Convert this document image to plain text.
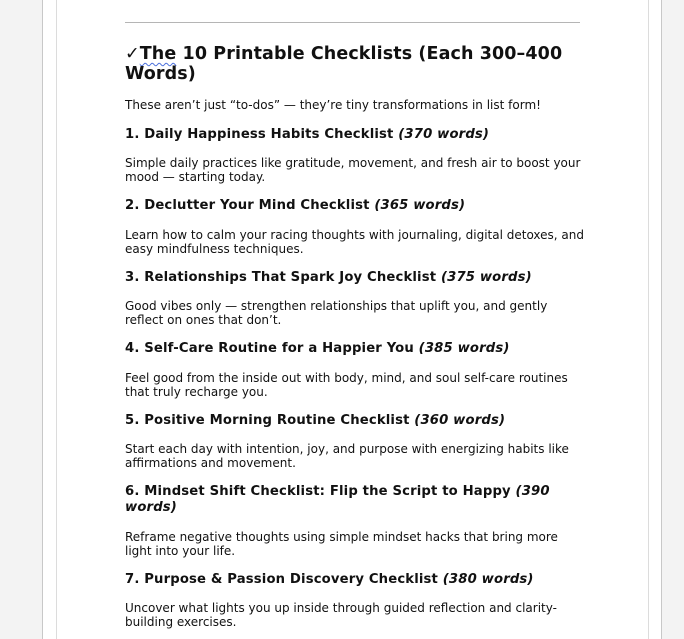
✓The 10 Printable Checklists (Each 300–400 Words)
These aren’t just “to-dos” — they’re tiny transformations in list form!

1. Daily Happiness Habits Checklist (370 words)

Simple daily practices like gratitude, movement, and fresh air to boost your mood — starting today.

2. Declutter Your Mind Checklist (365 words)

Learn how to calm your racing thoughts with journaling, digital detoxes, and easy mindfulness techniques.

3. Relationships That Spark Joy Checklist (375 words)

Good vibes only — strengthen relationships that uplift you, and gently reflect on ones that don’t.

4. Self-Care Routine for a Happier You (385 words)

Feel good from the inside out with body, mind, and soul self-care routines that truly recharge you.

5. Positive Morning Routine Checklist (360 words)

Start each day with intention, joy, and purpose with energizing habits like affirmations and movement.

6. Mindset Shift Checklist: Flip the Script to Happy (390 words)

Reframe negative thoughts using simple mindset hacks that bring more light into your life.

7. Purpose & Passion Discovery Checklist (380 words)

Uncover what lights you up inside through guided reflection and clarity-building exercises.
